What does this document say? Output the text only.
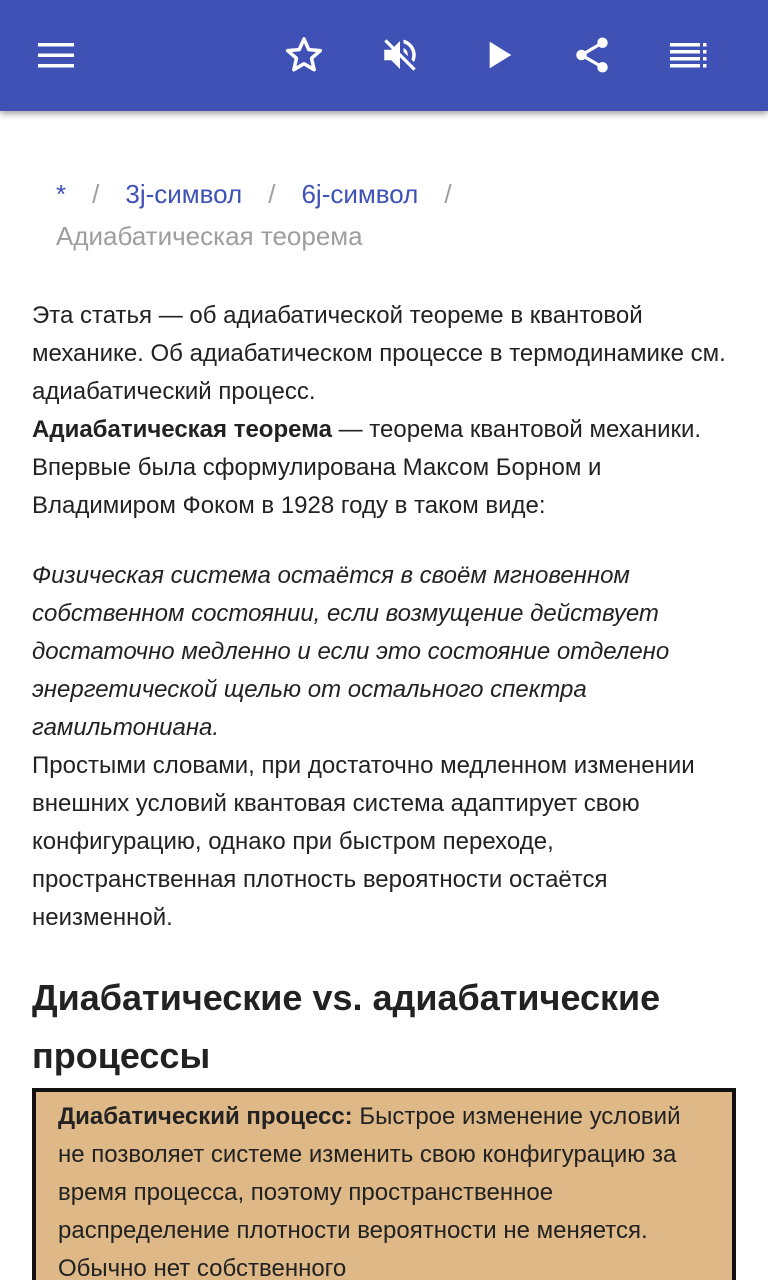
* / 3j-символ / 6j-символ /
Адиабатическая теорема

Эта статья — об адиабатической теореме в квантовой механике. Об адиабатическом процессе в термодинамике см. адиабатический процесс.

Адиабатическая теорема — теорема квантовой механики. Впервые была сформулирована Максом Борном и Владимиром Фоком в 1928 году в таком виде:

Физическая система остаётся в своём мгновенном собственном состоянии, если возмущение действует достаточно медленно и если это состояние отделено энергетической щелью от остального спектра гамильтониана.

Простыми словами, при достаточно медленном изменении внешних условий квантовая система адаптирует свою конфигурацию, однако при быстром переходе, пространственная плотность вероятности остаётся неизменной.

Диабатические vs. адиабатические процессы
Диабатический процесс: Быстрое изменение условий не позволяет системе изменить свою конфигурацию за время процесса, поэтому пространственное распределение плотности вероятности не меняется. Обычно нет собственного
